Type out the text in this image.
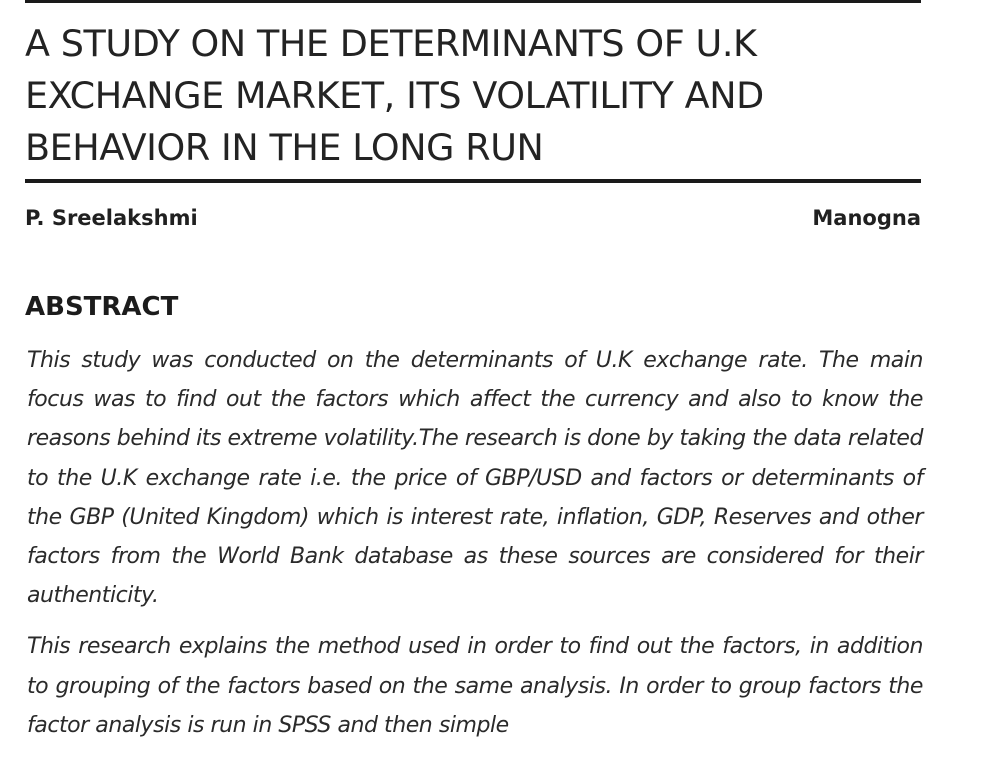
A STUDY ON THE DETERMINANTS OF U.K EXCHANGE MARKET, ITS VOLATILITY AND BEHAVIOR IN THE LONG RUN
P. Sreelakshmi	Manogna
ABSTRACT

This study was conducted on the determinants of U.K exchange rate. The main focus was to find out the factors which affect the currency and also to know the reasons behind its extreme volatility.The research is done by taking the data related to the U.K exchange rate i.e. the price of GBP/USD and factors or determinants of the GBP (United Kingdom) which is interest rate, inflation, GDP, Reserves and other factors from the World Bank database as these sources are considered for their authenticity.

This research explains the method used in order to find out the factors, in addition to grouping of the factors based on the same analysis. In order to group factors the factor analysis is run in SPSS and then simple
